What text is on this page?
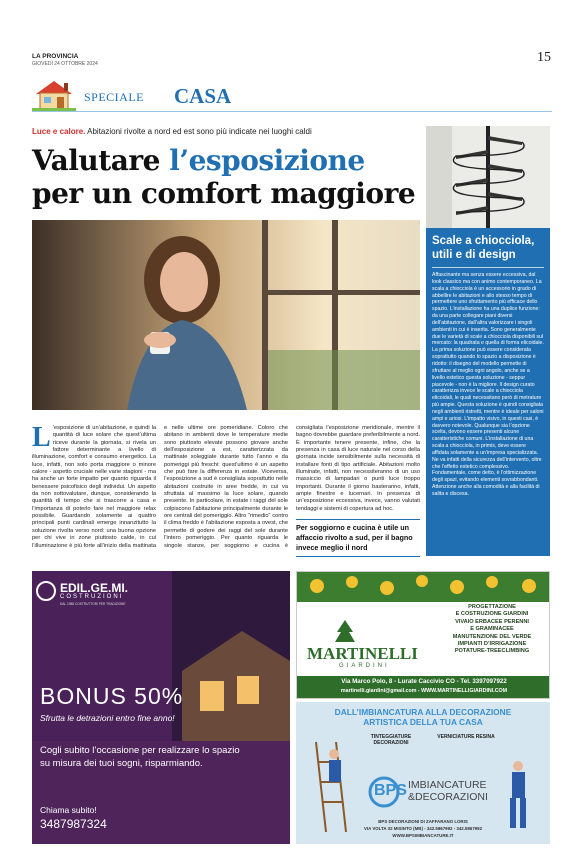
LA PROVINCIA
GIOVEDÌ 24 OTTOBRE 2024	15
SPECIALE CASA
Luce e calore. Abitazioni rivolte a nord ed est sono più indicate nei luoghi caldi
Valutare l’esposizione
per un comfort maggiore
L ’esposizione di un’abitazione, e quindi la quantità di luce solare che quest’ultima riceve durante la giornata, si rivela un fattore determinante a livello di illuminazione, comfort e consumo energetico. La luce, infatti, non solo porta maggiore o minore calore - aspetto cruciale nelle varie stagioni - ma ha anche un forte impatto per quanto riguarda il benessere psicofisico degli individui. Un aspetto da non sottovalutare, dunque, considerando la quantità di tempo che si trascorre a casa e l’importanza di poterlo fare nel maggiore relax possibile. Guardando solamente ai quattro principali punti cardinali emerge innanzitutto la soluzione rivolta verso nord: una buona opzione per chi vive in zone piuttosto calde, in cui l’illuminazione è più forte all’inizio della mattinata e nelle ultime ore pomeridiane. Coloro che abitano in ambienti dove le temperature medie sono piuttosto elevate possono giovare anche dell’esposizione a est, caratterizzata da mattinate soleggiate durante tutto l’anno e da pomeriggi più freschi: quest’ultimo è un aspetto che può fare la differenza in estate. Viceversa, l’esposizione a sud è consigliata soprattutto nelle abitazioni costruite in aree fredde, in cui va sfruttata al massimo la luce solare, quando presente. In particolare, in estate i raggi del sole colpiscono l’abitazione principalmente durante le ore centrali del pomeriggio. Altro “rimedio” contro il clima freddo è l’abitazione esposta a ovest, che permette di godere dei raggi del sole durante l’intero pomeriggio. Per quanto riguarda le singole stanze, per soggiorno e cucina è consigliata l’esposizione meridionale, mentre il bagno dovrebbe guardare preferibilmente a nord. È importante tenere presente, infine, che la presenza in casa di luce naturale nel corso della giornata incide sensibilmente sulla necessità di installare fonti di tipo artificiale. Abitazioni molto illuminate, infatti, non necessiteranno di un uso massiccio di lampadari o punti luce troppo importanti. Durante il giorno basteranno, infatti, ampie finestre e lucernari. In presenza di un’esposizione eccessiva, invece, vanno valutati tendaggi e sistemi di copertura ad hoc.
Per soggiorno e cucina è utile un affaccio rivolto a sud, per il bagno invece meglio il nord
Scale a chiocciola, utili e di design
Affascinante ma senza essere eccessiva, dal look classico ma con animo contemporaneo. La scala a chiocciola è un accessorio in grado di abbellire le abitazioni e allo stesso tempo di permettere uno sfruttamento più efficace dello spazio. L’installazione ha una duplice funzione: da una parte collegare piani diversi dell’abitazione, dall’altra valorizzare i singoli ambienti in cui è inserita. Sono generalmente due le varietà di scale a chiocciola disponibili sul mercato: la quadrata e quella di forma elicoidale. La prima soluzione può essere considerata soprattutto quando lo spazio a disposizione è ridotto: il disegno del modello permette di sfruttare al meglio ogni angolo, anche se a livello estetico questa soluzione - seppur piacevole - non è la migliore. Il design curato caratterizza invece le scale a chiocciola elicoidali, le quali necessitano però di metrature più ampie. Questa soluzione è quindi consigliata negli ambienti ristretti, mentre è ideale per saloni ampi e ariosi. L’impatto visivo, in questi casi, è davvero notevole. Qualunque sia l’opzione scelta, devono essere presenti alcune caratteristiche comuni. L’installazione di una scala a chiocciola, in primis, deve essere affidata solamente a un’impresa specializzata. Ne va infatti della sicurezza dell’intervento, oltre che l’effetto estetico complessivo. Fondamentale, come detto, è l’ottimizzazione degli spazi, evitando elementi sovrabbondanti. Attenzione anche alla comodità e alla facilità di salita e discesa.
EDIL.GE.MI.
COSTRUZIONI
DAL 1988 COSTRUTTORI PER TRADIZIONE
BONUS 50%
Sfrutta le detrazioni entro fine anno!
Cogli subito l’occasione per realizzare lo spazio su misura dei tuoi sogni, risparmiando.
Chiama subito!
3487987324
PROGETTAZIONE
E COSTRUZIONE GIARDINI
VIVAIO ERBACEE PERENNI
E GRAMINACEE
MANUTENZIONE DEL VERDE
IMPIANTI D’IRRIGAZIONE
POTATURE-TREECLIMBING
MARTINELLI
GIARDINI
Via Marco Polo, 8 - Lurate Caccivio CO - Tel. 3397097922
martinelli.giardini@gmail.com - WWW.MARTINELLIGIARDINI.COM
DALL’IMBIANCATURA ALLA DECORAZIONE
ARTISTICA DELLA TUA CASA
TINTEGGIATURE DECORAZIONI
VERNICIATURE RESINA
BPS IMBIANCATURE
&DECORAZIONI
BPS DECORAZIONI DI ZAFFARANO LORIS
VIA VOLTA 32 MISINTO (MB) - 342.5867992 - 342.5867992
WWW.BPSIMBIANCATURE.IT
